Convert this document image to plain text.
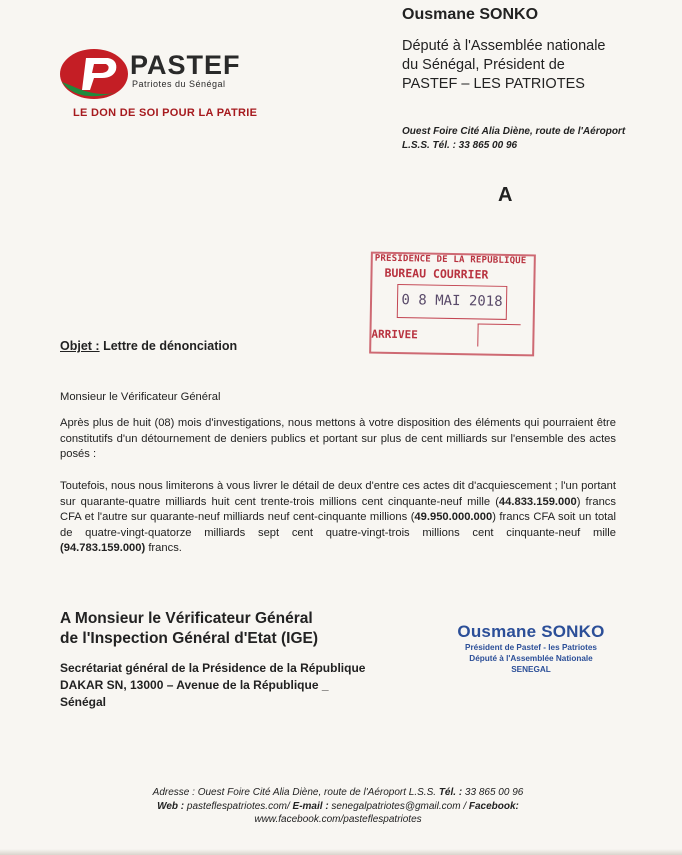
PASTEF
Patriotes du Sénégal
LE DON DE SOI POUR LA PATRIE
Ousmane SONKO
Député à l'Assemblée nationale du Sénégal, Président de PASTEF – LES PATRIOTES
Ouest Foire Cité Alia Diène, route de l'Aéroport L.S.S. Tél. : 33 865 00 96
A
PRESIDENCE DE LA REPUBLIQUE
BUREAU COURRIER
0 8 MAI 2018
ARRIVEE
Objet : Lettre de dénonciation
Monsieur le Vérificateur Général
Après plus de huit (08) mois d'investigations, nous mettons à votre disposition des éléments qui pourraient être constitutifs d'un détournement de deniers publics et portant sur plus de cent milliards sur l'ensemble des actes posés :
Toutefois, nous nous limiterons à vous livrer le détail de deux d'entre ces actes dit d'acquiescement ; l'un portant sur quarante-quatre milliards huit cent trente-trois millions cent cinquante-neuf mille (44.833.159.000) francs CFA et l'autre sur quarante-neuf milliards neuf cent-cinquante millions (49.950.000.000) francs CFA soit un total de quatre-vingt-quatorze milliards sept cent quatre-vingt-trois millions cent cinquante-neuf mille (94.783.159.000) francs.
A Monsieur le Vérificateur Général
de l'Inspection Général d'Etat (IGE)
Secrétariat général de la Présidence de la République DAKAR SN, 13000 – Avenue de la République _ Sénégal
Ousmane SONKO
Président de Pastef - les Patriotes
Député à l'Assemblée Nationale
SENEGAL
Adresse : Ouest Foire Cité Alia Diène, route de l'Aéroport L.S.S. Tél. : 33 865 00 96
Web : pasteflespatriotes.com/ E-mail : senegalpatriotes@gmail.com / Facebook:
www.facebook.com/pasteflespatriotes
